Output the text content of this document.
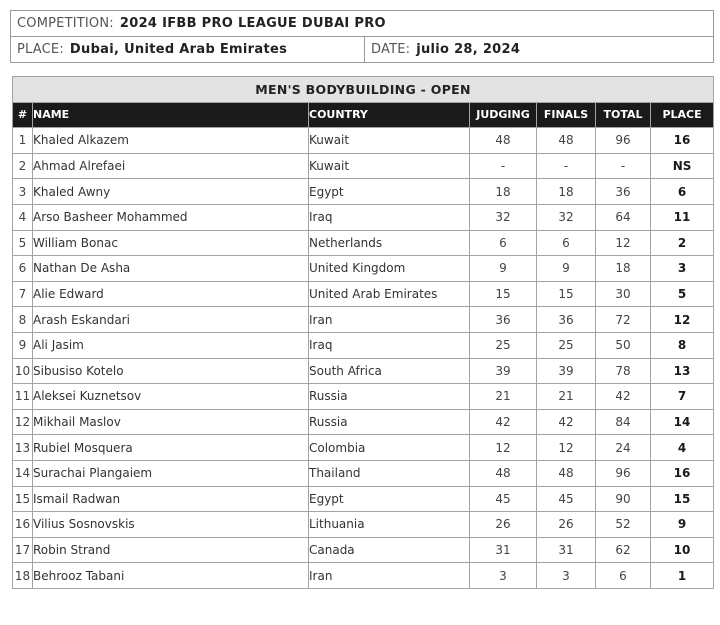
COMPETITION: 2024 IFBB PRO LEAGUE DUBAI PRO
PLACE: Dubai, United Arab Emirates	DATE: julio 28, 2024
MEN'S BODYBUILDING - OPEN						
#	NAME	COUNTRY	JUDGING	FINALS	TOTAL	PLACE
1	Khaled Alkazem	Kuwait	48	48	96	16
2	Ahmad Alrefaei	Kuwait	-	-	-	NS
3	Khaled Awny	Egypt	18	18	36	6
4	Arso Basheer Mohammed	Iraq	32	32	64	11
5	William Bonac	Netherlands	6	6	12	2
6	Nathan De Asha	United Kingdom	9	9	18	3
7	Alie Edward	United Arab Emirates	15	15	30	5
8	Arash Eskandari	Iran	36	36	72	12
9	Ali Jasim	Iraq	25	25	50	8
10	Sibusiso Kotelo	South Africa	39	39	78	13
11	Aleksei Kuznetsov	Russia	21	21	42	7
12	Mikhail Maslov	Russia	42	42	84	14
13	Rubiel Mosquera	Colombia	12	12	24	4
14	Surachai Plangaiem	Thailand	48	48	96	16
15	Ismail Radwan	Egypt	45	45	90	15
16	Vilius Sosnovskis	Lithuania	26	26	52	9
17	Robin Strand	Canada	31	31	62	10
18	Behrooz Tabani	Iran	3	3	6	1
